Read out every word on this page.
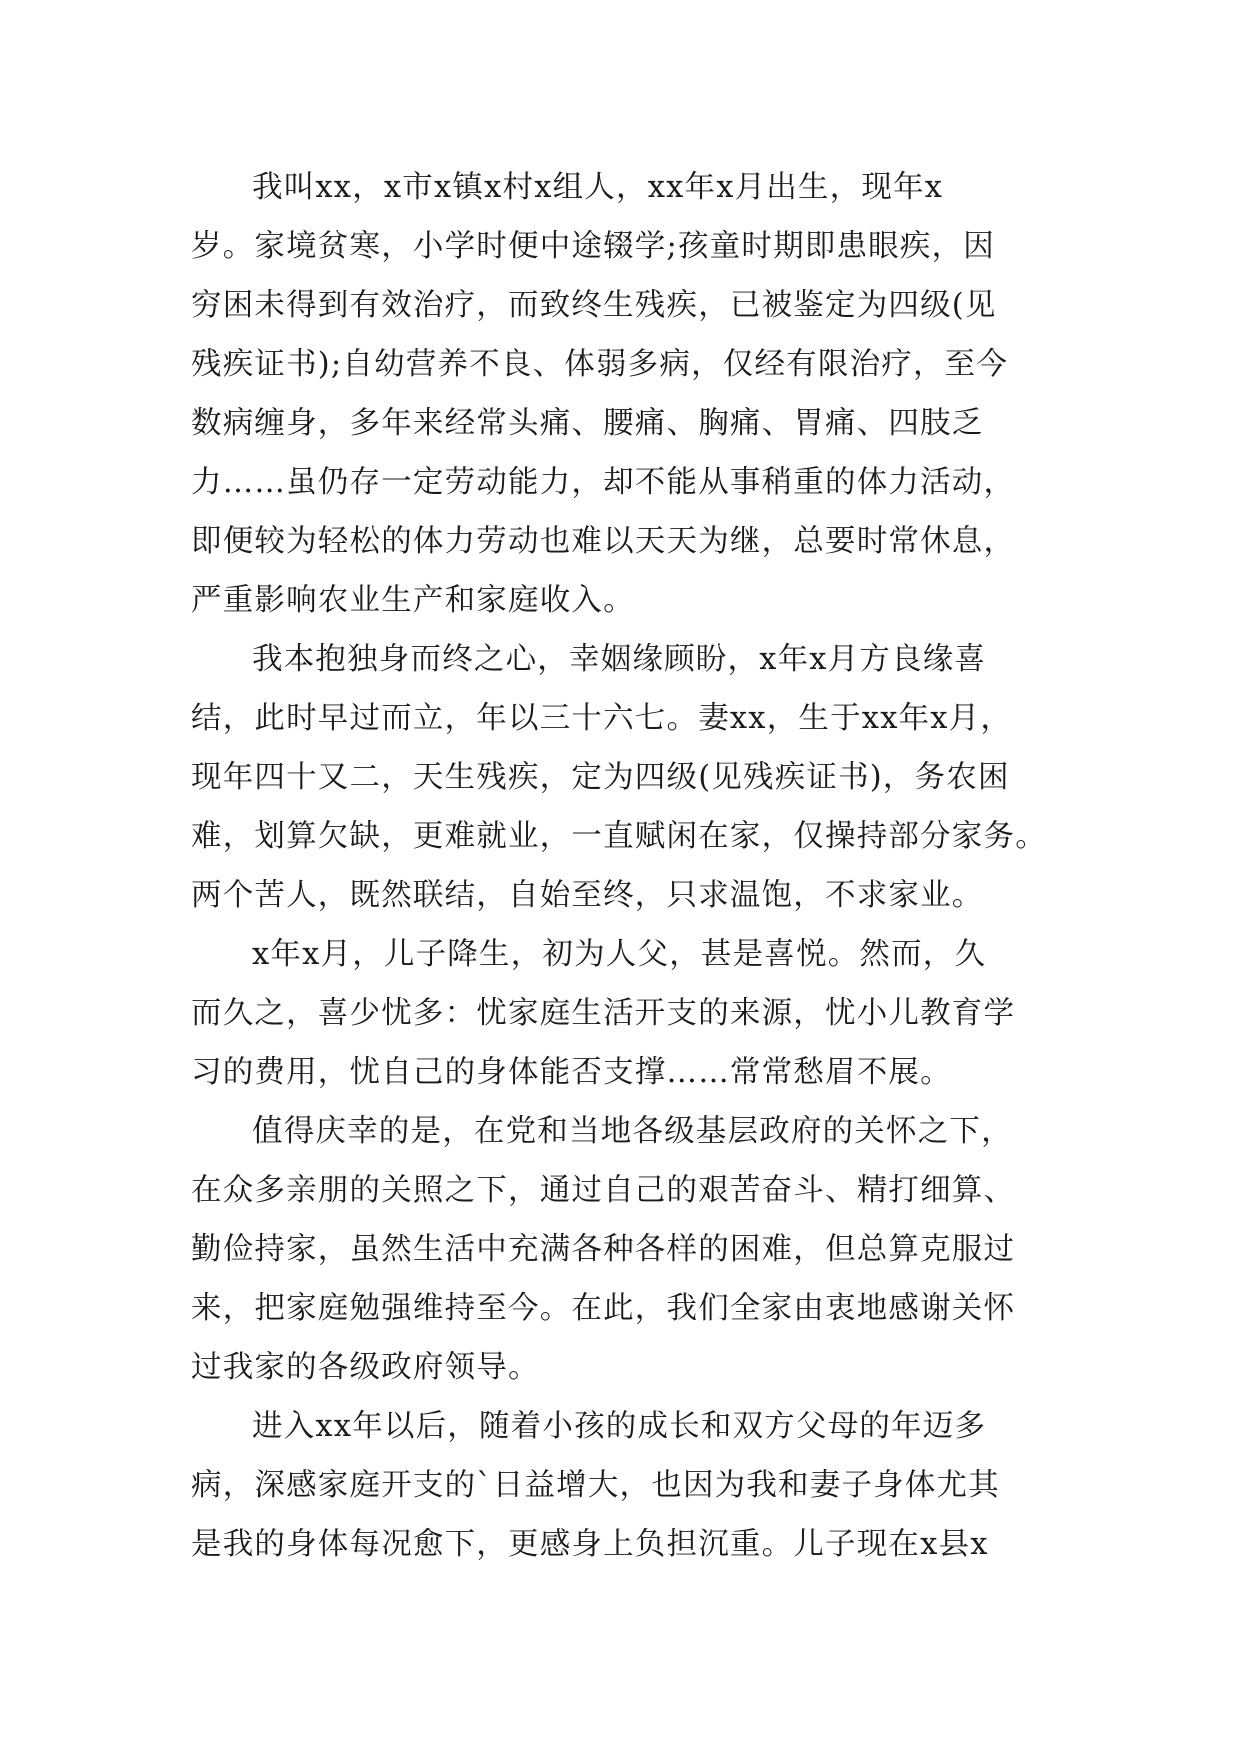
我叫xx，x市x镇x村x组人，xx年x月出生，现年x
岁。家境贫寒，小学时便中途辍学;孩童时期即患眼疾，因
穷困未得到有效治疗，而致终生残疾，已被鉴定为四级(见
残疾证书);自幼营养不良、体弱多病，仅经有限治疗，至今
数病缠身，多年来经常头痛、腰痛、胸痛、胃痛、四肢乏
力……虽仍存一定劳动能力，却不能从事稍重的体力活动，
即便较为轻松的体力劳动也难以天天为继，总要时常休息，
严重影响农业生产和家庭收入。
我本抱独身而终之心，幸姻缘顾盼，x年x月方良缘喜
结，此时早过而立，年以三十六七。妻xx，生于xx年x月，
现年四十又二，天生残疾，定为四级(见残疾证书)，务农困
难，划算欠缺，更难就业，一直赋闲在家，仅操持部分家务。
两个苦人，既然联结，自始至终，只求温饱，不求家业。
x年x月，儿子降生，初为人父，甚是喜悦。然而，久
而久之，喜少忧多：忧家庭生活开支的来源，忧小儿教育学
习的费用，忧自己的身体能否支撑……常常愁眉不展。
值得庆幸的是，在党和当地各级基层政府的关怀之下，
在众多亲朋的关照之下，通过自己的艰苦奋斗、精打细算、
勤俭持家，虽然生活中充满各种各样的困难，但总算克服过
来，把家庭勉强维持至今。在此，我们全家由衷地感谢关怀
过我家的各级政府领导。
进入xx年以后，随着小孩的成长和双方父母的年迈多
病，深感家庭开支的`日益增大，也因为我和妻子身体尤其
是我的身体每况愈下，更感身上负担沉重。儿子现在x县x
